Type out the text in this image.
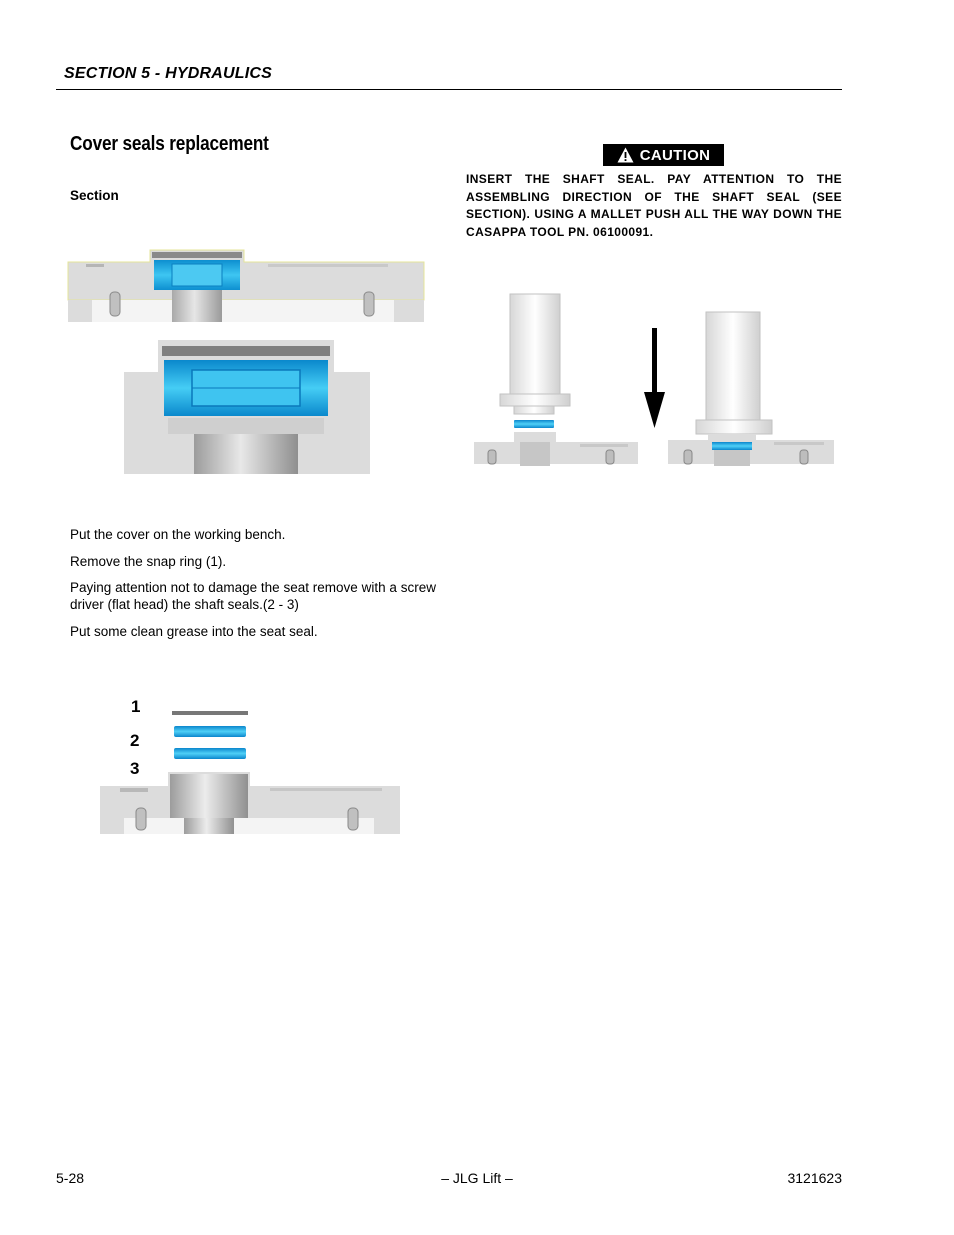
SECTION 5 - HYDRAULICS
Cover seals replacement
Section
Put the cover on the working bench.
Remove the snap ring (1).
Paying attention not to damage the seat remove with a screw driver (flat head) the shaft seals.(2 - 3)
Put some clean grease into the seat seal.
1
2
3
CAUTION
INSERT THE SHAFT SEAL. PAY ATTENTION TO THE ASSEMBLING DIRECTION OF THE SHAFT SEAL (SEE SECTION). USING A MALLET PUSH ALL THE WAY DOWN THE CASAPPA TOOL PN. 06100091.
5-28	– JLG Lift –	3121623
